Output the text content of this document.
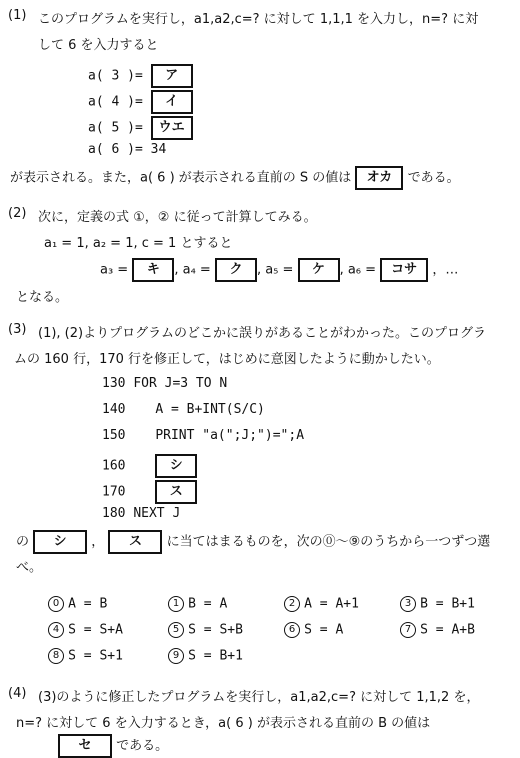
(1) このプログラムを実行し，a1,a2,c=? に対して 1,1,1 を入力し，n=? に対
して 6 を入力すると
a( 3 )= ア
a( 4 )= イ
a( 5 )= ウエ
a( 6 )= 34
が表示される。また，a( 6 ) が表示される直前の S の値は オカ である。
(2) 次に，定義の式 ①，② に従って計算してみる。
a₁ = 1, a₂ = 1, c = 1 とすると
a₃ = キ , a₄ = ク , a₅ = ケ , a₆ = コサ ，…
となる。
(3) (1), (2)よりプログラムのどこかに誤りがあることがわかった。このプログラ
ムの 160 行，170 行を修正して，はじめに意図したように動かしたい。
130 FOR J=3 TO N
140 A = B+INT(S/C)
150 PRINT "a(";J;")=";A
160	シ
170	ス
180 NEXT J
の シ ， ス に当てはまるものを，次の⓪～⑨のうちから一つずつ選
べ。
0 A = B	1 B = A	2 A = A+1	3 B = B+1
4 S = S+A	5 S = S+B	6 S = A	7 S = A+B
8 S = S+1	9 S = B+1
(4) (3)のように修正したプログラムを実行し，a1,a2,c=? に対して 1,1,2 を，
n=? に対して 6 を入力するとき，a( 6 ) が表示される直前の B の値は
セ である。
